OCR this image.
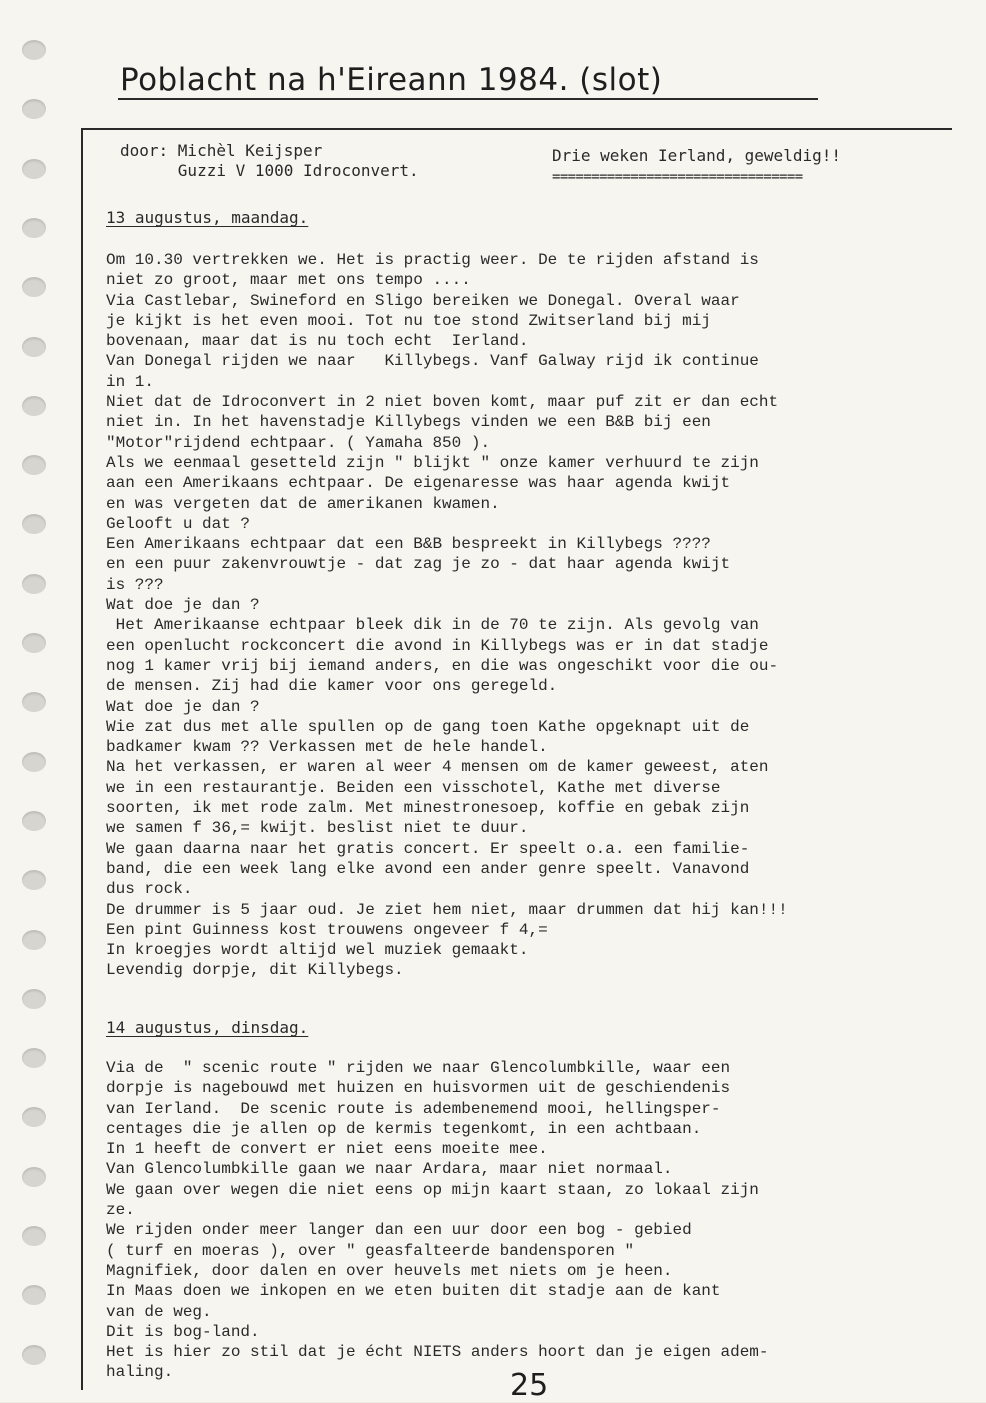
Poblacht na h'Eireann 1984. (slot)
door: Michèl Keijsper
Guzzi V 1000 Idroconvert.
Drie weken Ierland, geweldig!!
================================
13 augustus, maandag.
Om 10.30 vertrekken we. Het is practig weer. De te rijden afstand is
niet zo groot, maar met ons tempo ....
Via Castlebar, Swineford en Sligo bereiken we Donegal. Overal waar
je kijkt is het even mooi. Tot nu toe stond Zwitserland bij mij
bovenaan, maar dat is nu toch echt  Ierland.
Van Donegal rijden we naar   Killybegs. Vanf Galway rijd ik continue
in 1.
Niet dat de Idroconvert in 2 niet boven komt, maar puf zit er dan echt
niet in. In het havenstadje Killybegs vinden we een B&B bij een
"Motor"rijdend echtpaar. ( Yamaha 850 ).
Als we eenmaal gesetteld zijn " blijkt " onze kamer verhuurd te zijn
aan een Amerikaans echtpaar. De eigenaresse was haar agenda kwijt
en was vergeten dat de amerikanen kwamen.
Gelooft u dat ?
Een Amerikaans echtpaar dat een B&B bespreekt in Killybegs ????
en een puur zakenvrouwtje - dat zag je zo - dat haar agenda kwijt
is ???
Wat doe je dan ?
Het Amerikaanse echtpaar bleek dik in de 70 te zijn. Als gevolg van
een openlucht rockconcert die avond in Killybegs was er in dat stadje
nog 1 kamer vrij bij iemand anders, en die was ongeschikt voor die ou-
de mensen. Zij had die kamer voor ons geregeld.
Wat doe je dan ?
Wie zat dus met alle spullen op de gang toen Kathe opgeknapt uit de
badkamer kwam ?? Verkassen met de hele handel.
Na het verkassen, er waren al weer 4 mensen om de kamer geweest, aten
we in een restaurantje. Beiden een visschotel, Kathe met diverse
soorten, ik met rode zalm. Met minestronesoep, koffie en gebak zijn
we samen f 36,= kwijt. beslist niet te duur.
We gaan daarna naar het gratis concert. Er speelt o.a. een familie-
band, die een week lang elke avond een ander genre speelt. Vanavond
dus rock.
De drummer is 5 jaar oud. Je ziet hem niet, maar drummen dat hij kan!!!
Een pint Guinness kost trouwens ongeveer f 4,=
In kroegjes wordt altijd wel muziek gemaakt.
Levendig dorpje, dit Killybegs.
14 augustus, dinsdag.
Via de  " scenic route " rijden we naar Glencolumbkille, waar een
dorpje is nagebouwd met huizen en huisvormen uit de geschiendenis
van Ierland.  De scenic route is adembenemend mooi, hellingsper-
centages die je allen op de kermis tegenkomt, in een achtbaan.
In 1 heeft de convert er niet eens moeite mee.
Van Glencolumbkille gaan we naar Ardara, maar niet normaal.
We gaan over wegen die niet eens op mijn kaart staan, zo lokaal zijn
ze.
We rijden onder meer langer dan een uur door een bog - gebied
( turf en moeras ), over " geasfalteerde bandensporen "
Magnifiek, door dalen en over heuvels met niets om je heen.
In Maas doen we inkopen en we eten buiten dit stadje aan de kant
van de weg.
Dit is bog-land.
Het is hier zo stil dat je écht NIETS anders hoort dan je eigen adem-
haling.	25
